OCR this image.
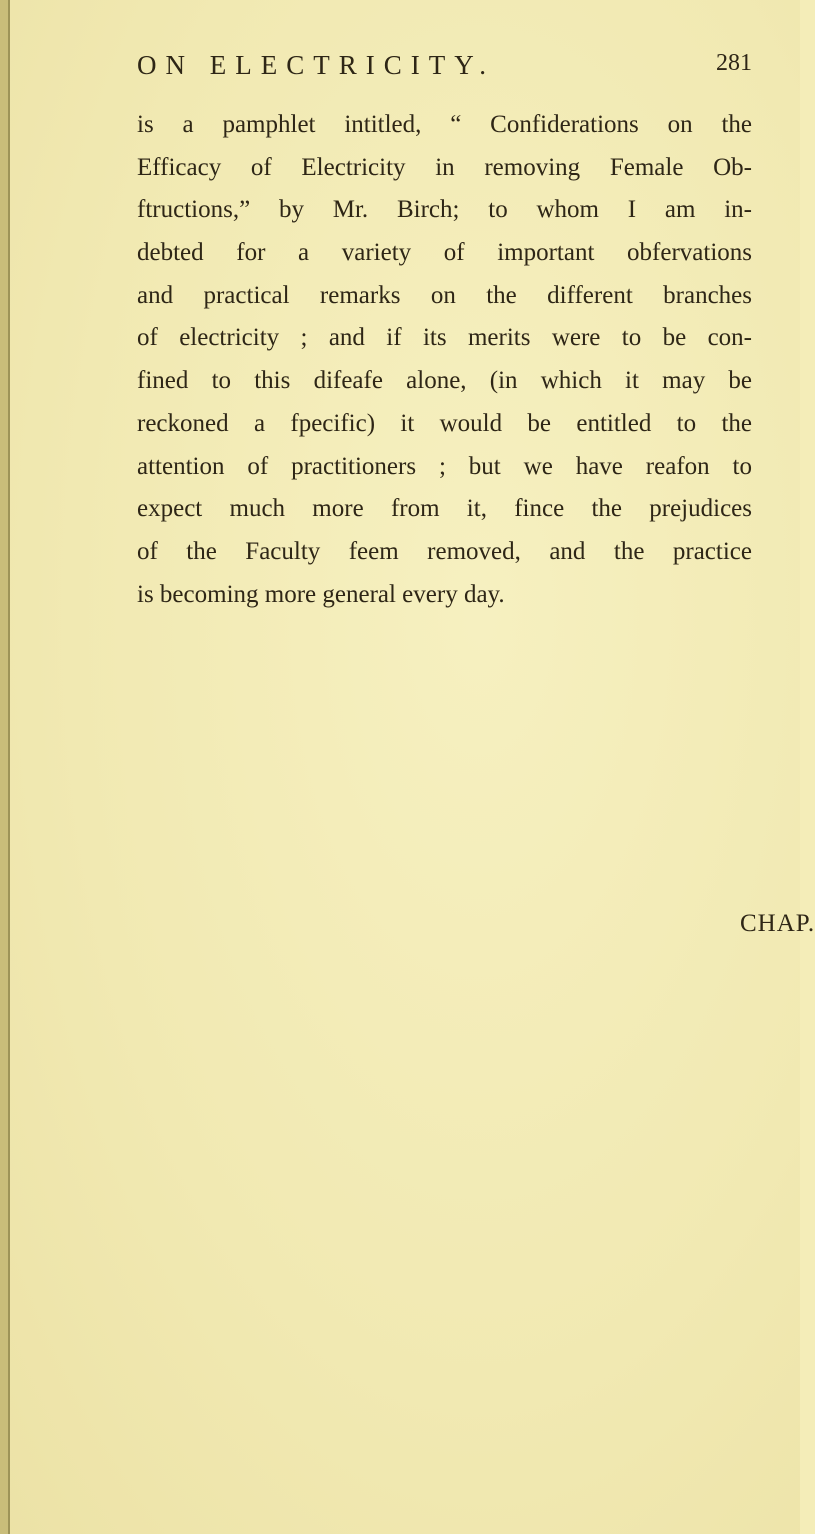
ON ELECTRICITY.	281
is a pamphlet intitled, “ Confiderations on the
Efficacy of Electricity in removing Female Ob-
ftructions,” by Mr. Birch; to whom I am in-
debted for a variety of important obfervations
and practical remarks on the different branches
of electricity ; and if its merits were to be con-
fined to this difeafe alone, (in which it may be
reckoned a fpecific) it would be entitled to the
attention of practitioners ; but we have reafon to
expect much more from it, fince the prejudices
of the Faculty feem removed, and the practice
is becoming more general every day.
CHAP.
